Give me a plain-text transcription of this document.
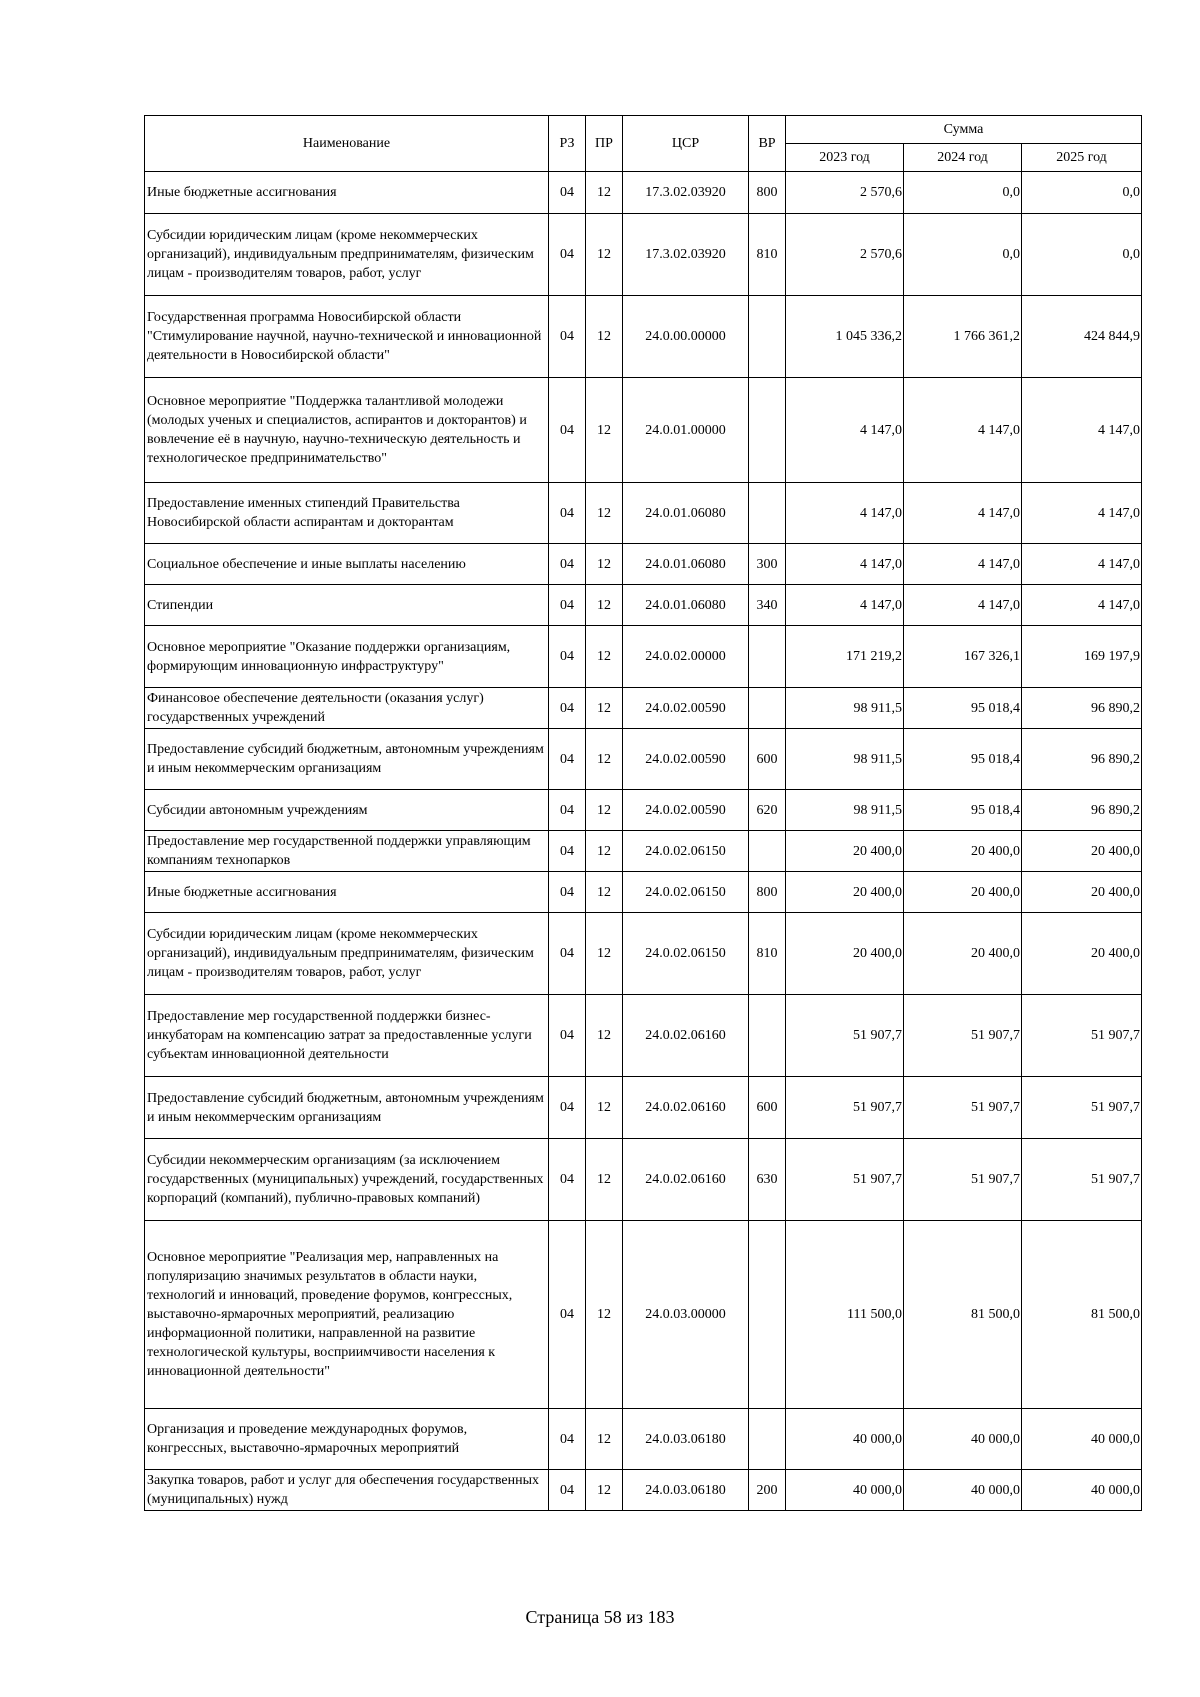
Наименование	РЗ	ПР	ЦСР	ВР	Сумма		
					2023 год	2024 год	2025 год
Иные бюджетные ассигнования	04	12	17.3.02.03920	800	2 570,6	0,0	0,0
Субсидии юридическим лицам (кроме некоммерческих организаций), индивидуальным предпринимателям, физическим лицам - производителям товаров, работ, услуг	04	12	17.3.02.03920	810	2 570,6	0,0	0,0
Государственная программа Новосибирской области "Стимулирование научной, научно-технической и инновационной деятельности в Новосибирской области"	04	12	24.0.00.00000		1 045 336,2	1 766 361,2	424 844,9
Основное мероприятие "Поддержка талантливой молодежи (молодых ученых и специалистов, аспирантов и докторантов) и вовлечение её в научную, научно-техническую деятельность и технологическое предпринимательство"	04	12	24.0.01.00000		4 147,0	4 147,0	4 147,0
Предоставление именных стипендий Правительства Новосибирской области аспирантам и докторантам	04	12	24.0.01.06080		4 147,0	4 147,0	4 147,0
Социальное обеспечение и иные выплаты населению	04	12	24.0.01.06080	300	4 147,0	4 147,0	4 147,0
Стипендии	04	12	24.0.01.06080	340	4 147,0	4 147,0	4 147,0
Основное мероприятие "Оказание поддержки организациям, формирующим инновационную инфраструктуру"	04	12	24.0.02.00000		171 219,2	167 326,1	169 197,9
Финансовое обеспечение деятельности (оказания услуг) государственных учреждений	04	12	24.0.02.00590		98 911,5	95 018,4	96 890,2
Предоставление субсидий бюджетным, автономным учреждениям и иным некоммерческим организациям	04	12	24.0.02.00590	600	98 911,5	95 018,4	96 890,2
Субсидии автономным учреждениям	04	12	24.0.02.00590	620	98 911,5	95 018,4	96 890,2
Предоставление мер государственной поддержки управляющим компаниям технопарков	04	12	24.0.02.06150		20 400,0	20 400,0	20 400,0
Иные бюджетные ассигнования	04	12	24.0.02.06150	800	20 400,0	20 400,0	20 400,0
Субсидии юридическим лицам (кроме некоммерческих организаций), индивидуальным предпринимателям, физическим лицам - производителям товаров, работ, услуг	04	12	24.0.02.06150	810	20 400,0	20 400,0	20 400,0
Предоставление мер государственной поддержки бизнес-инкубаторам на компенсацию затрат за предоставленные услуги субъектам инновационной деятельности	04	12	24.0.02.06160		51 907,7	51 907,7	51 907,7
Предоставление субсидий бюджетным, автономным учреждениям и иным некоммерческим организациям	04	12	24.0.02.06160	600	51 907,7	51 907,7	51 907,7
Субсидии некоммерческим организациям (за исключением государственных (муниципальных) учреждений, государственных корпораций (компаний), публично-правовых компаний)	04	12	24.0.02.06160	630	51 907,7	51 907,7	51 907,7
Основное мероприятие "Реализация мер, направленных на популяризацию значимых результатов в области науки, технологий и инноваций, проведение форумов, конгрессных, выставочно-ярмарочных мероприятий, реализацию информационной политики, направленной на развитие технологической культуры, восприимчивости населения к инновационной деятельности"	04	12	24.0.03.00000		111 500,0	81 500,0	81 500,0
Организация и проведение международных форумов, конгрессных, выставочно-ярмарочных мероприятий	04	12	24.0.03.06180		40 000,0	40 000,0	40 000,0
Закупка товаров, работ и услуг для обеспечения государственных (муниципальных) нужд	04	12	24.0.03.06180	200	40 000,0	40 000,0	40 000,0
Страница 58 из 183
